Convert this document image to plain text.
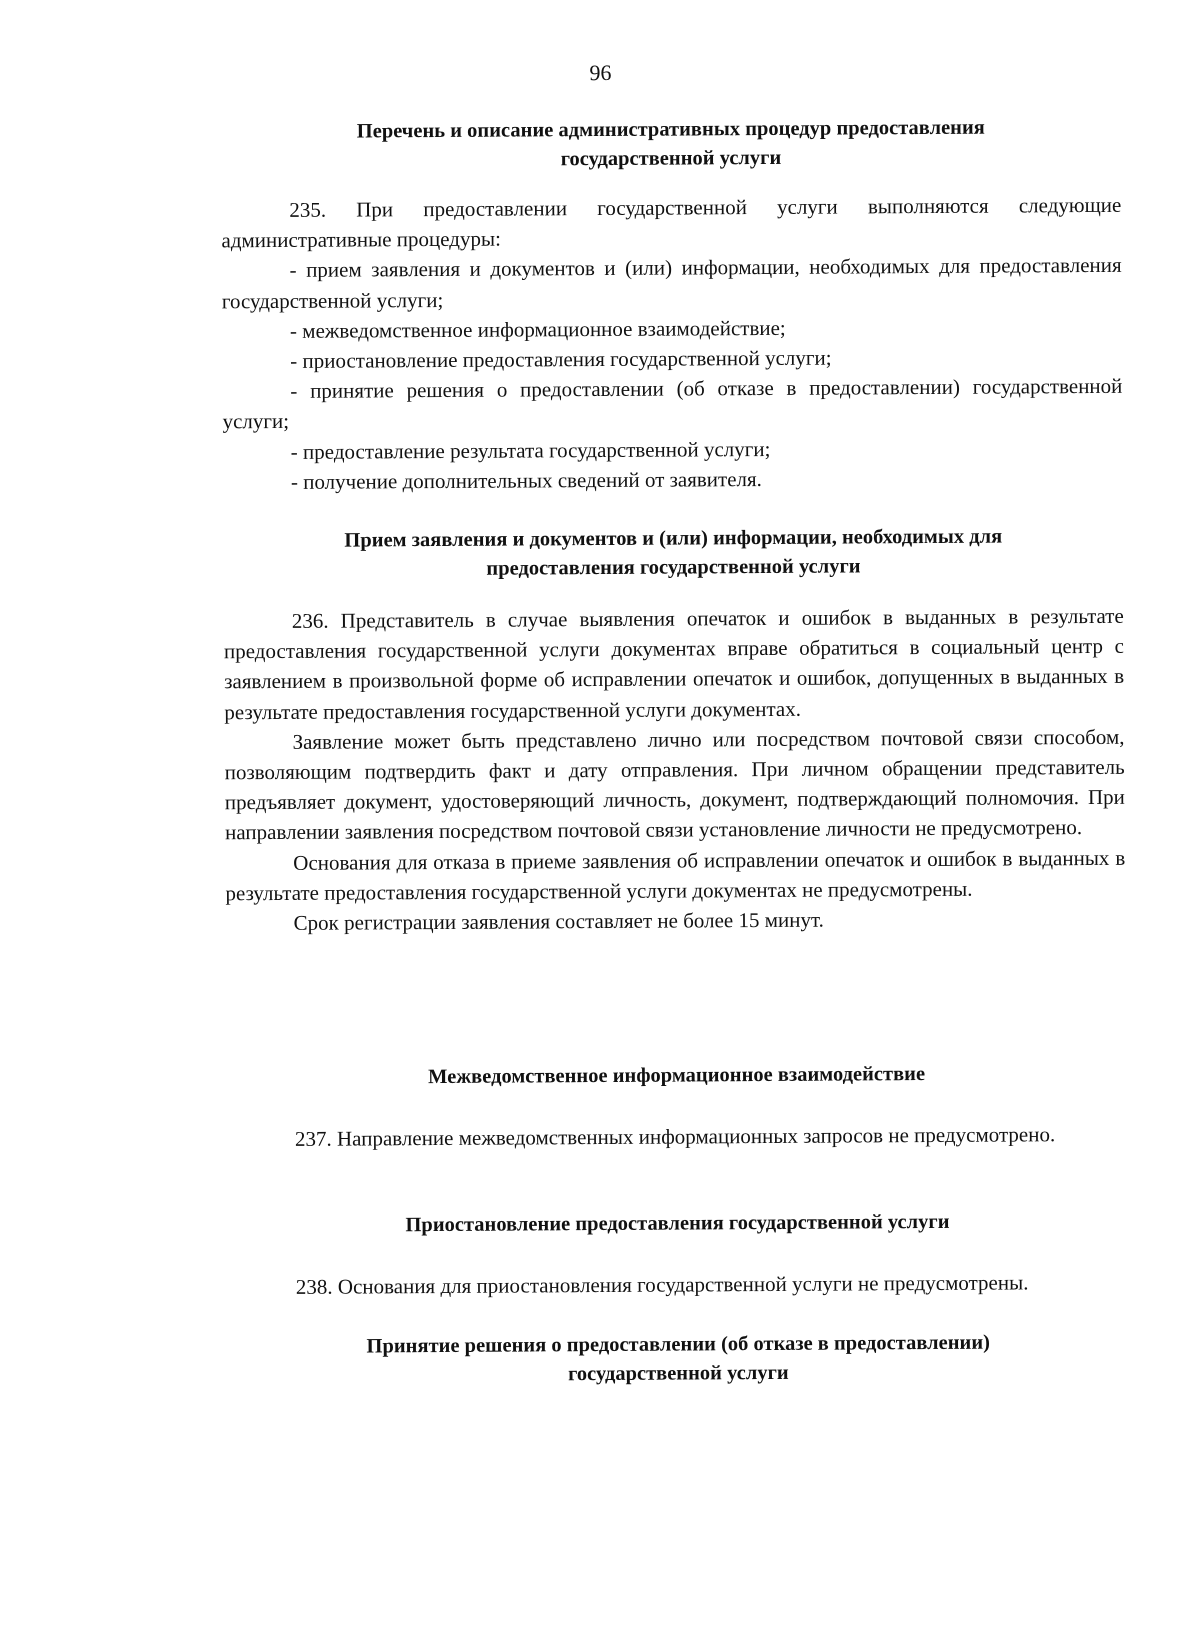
96
Перечень и описание административных процедур предоставления
государственной услуги

235. При предоставлении государственной услуги выполняются следующие административные процедуры:

- прием заявления и документов и (или) информации, необходимых для предоставления государственной услуги;

- межведомственное информационное взаимодействие;

- приостановление предоставления государственной услуги;

- принятие решения о предоставлении (об отказе в предоставлении) государственной услуги;

- предоставление результата государственной услуги;

- получение дополнительных сведений от заявителя.

Прием заявления и документов и (или) информации, необходимых для
предоставления государственной услуги

236. Представитель в случае выявления опечаток и ошибок в выданных в результате предоставления государственной услуги документах вправе обратиться в социальный центр с заявлением в произвольной форме об исправлении опечаток и ошибок, допущенных в выданных в результате предоставления государственной услуги документах.

Заявление может быть представлено лично или посредством почтовой связи способом, позволяющим подтвердить факт и дату отправления. При личном обращении представитель предъявляет документ, удостоверяющий личность, документ, подтверждающий полномочия. При направлении заявления посредством почтовой связи установление личности не предусмотрено.

Основания для отказа в приеме заявления об исправлении опечаток и ошибок в выданных в результате предоставления государственной услуги документах не предусмотрены.

Срок регистрации заявления составляет не более 15 минут.

Межведомственное информационное взаимодействие

237. Направление межведомственных информационных запросов не предусмотрено.

Приостановление предоставления государственной услуги

238. Основания для приостановления государственной услуги не предусмотрены.

Принятие решения о предоставлении (об отказе в предоставлении)
государственной услуги
